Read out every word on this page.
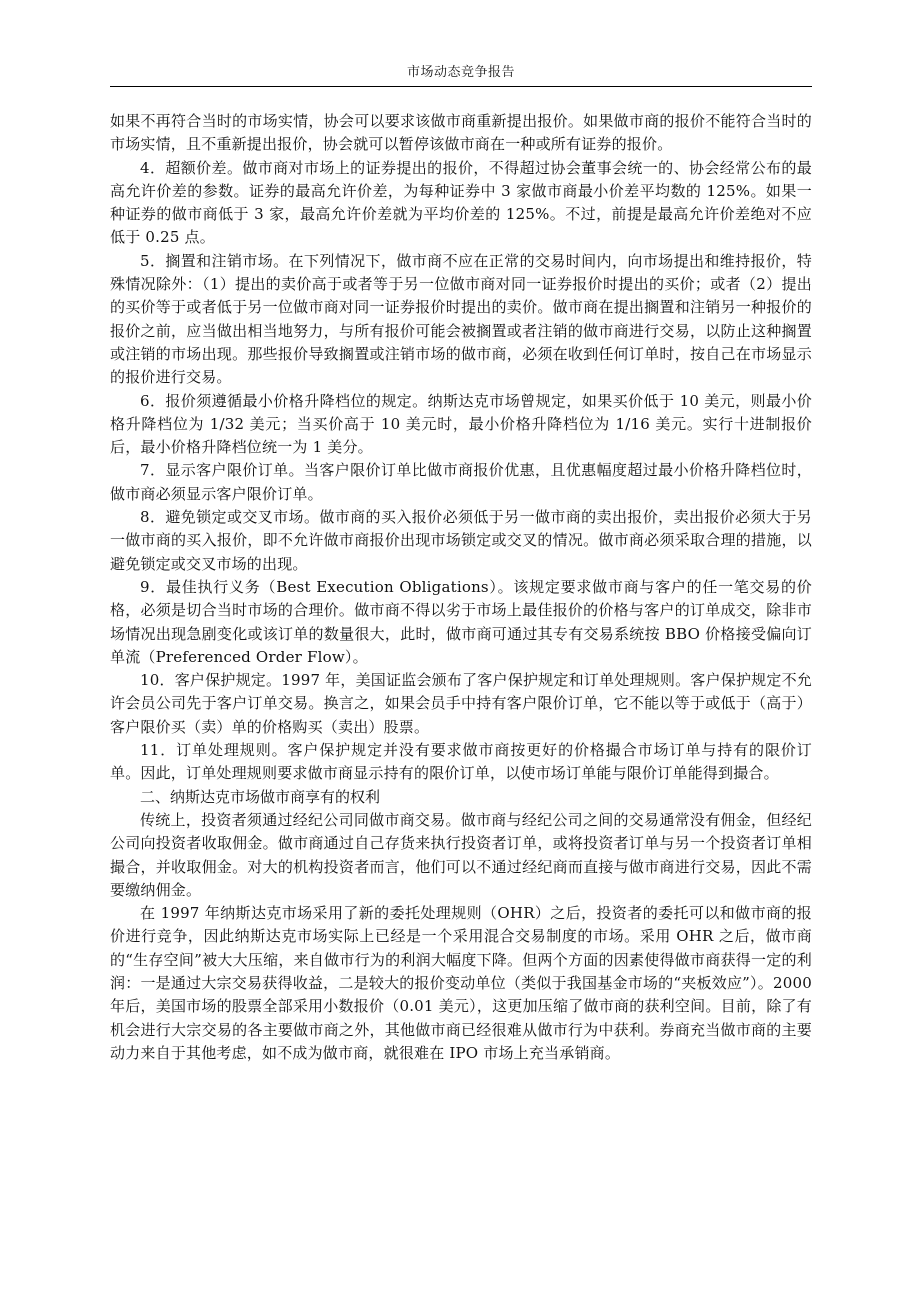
市场动态竞争报告

如果不再符合当时的市场实情，协会可以要求该做市商重新提出报价。如果做市商的报价不能符合当时的市场实情，且不重新提出报价，协会就可以暂停该做市商在一种或所有证券的报价。

4．超额价差。做市商对市场上的证券提出的报价，不得超过协会董事会统一的、协会经常公布的最高允许价差的参数。证券的最高允许价差，为每种证券中 3 家做市商最小价差平均数的 125%。如果一种证券的做市商低于 3 家，最高允许价差就为平均价差的 125%。不过，前提是最高允许价差绝对不应低于 0.25 点。

5．搁置和注销市场。在下列情况下，做市商不应在正常的交易时间内，向市场提出和维持报价，特殊情况除外：（1）提出的卖价高于或者等于另一位做市商对同一证券报价时提出的买价；或者（2）提出的买价等于或者低于另一位做市商对同一证券报价时提出的卖价。做市商在提出搁置和注销另一种报价的报价之前，应当做出相当地努力，与所有报价可能会被搁置或者注销的做市商进行交易，以防止这种搁置或注销的市场出现。那些报价导致搁置或注销市场的做市商，必须在收到任何订单时，按自己在市场显示的报价进行交易。

6．报价须遵循最小价格升降档位的规定。纳斯达克市场曾规定，如果买价低于 10 美元，则最小价格升降档位为 1/32 美元；当买价高于 10 美元时，最小价格升降档位为 1/16 美元。实行十进制报价后，最小价格升降档位统一为 1 美分。

7．显示客户限价订单。当客户限价订单比做市商报价优惠，且优惠幅度超过最小价格升降档位时，做市商必须显示客户限价订单。

8．避免锁定或交叉市场。做市商的买入报价必须低于另一做市商的卖出报价，卖出报价必须大于另一做市商的买入报价，即不允许做市商报价出现市场锁定或交叉的情况。做市商必须采取合理的措施，以避免锁定或交叉市场的出现。

9．最佳执行义务（Best Execution Obligations）。该规定要求做市商与客户的任一笔交易的价格，必须是切合当时市场的合理价。做市商不得以劣于市场上最佳报价的价格与客户的订单成交，除非市场情况出现急剧变化或该订单的数量很大，此时，做市商可通过其专有交易系统按 BBO 价格接受偏向订单流（Preferenced Order Flow）。

10．客户保护规定。1997 年，美国证监会颁布了客户保护规定和订单处理规则。客户保护规定不允许会员公司先于客户订单交易。换言之，如果会员手中持有客户限价订单，它不能以等于或低于（高于）客户限价买（卖）单的价格购买（卖出）股票。

11．订单处理规则。客户保护规定并没有要求做市商按更好的价格撮合市场订单与持有的限价订单。因此，订单处理规则要求做市商显示持有的限价订单，以使市场订单能与限价订单能得到撮合。

二、纳斯达克市场做市商享有的权利

传统上，投资者须通过经纪公司同做市商交易。做市商与经纪公司之间的交易通常没有佣金，但经纪公司向投资者收取佣金。做市商通过自己存货来执行投资者订单，或将投资者订单与另一个投资者订单相撮合，并收取佣金。对大的机构投资者而言，他们可以不通过经纪商而直接与做市商进行交易，因此不需要缴纳佣金。

在 1997 年纳斯达克市场采用了新的委托处理规则（OHR）之后，投资者的委托可以和做市商的报价进行竞争，因此纳斯达克市场实际上已经是一个采用混合交易制度的市场。采用 OHR 之后，做市商的“生存空间”被大大压缩，来自做市行为的利润大幅度下降。但两个方面的因素使得做市商获得一定的利润：一是通过大宗交易获得收益，二是较大的报价变动单位（类似于我国基金市场的“夹板效应”）。2000 年后，美国市场的股票全部采用小数报价（0.01 美元），这更加压缩了做市商的获利空间。目前，除了有机会进行大宗交易的各主要做市商之外，其他做市商已经很难从做市行为中获利。券商充当做市商的主要动力来自于其他考虑，如不成为做市商，就很难在 IPO 市场上充当承销商。
